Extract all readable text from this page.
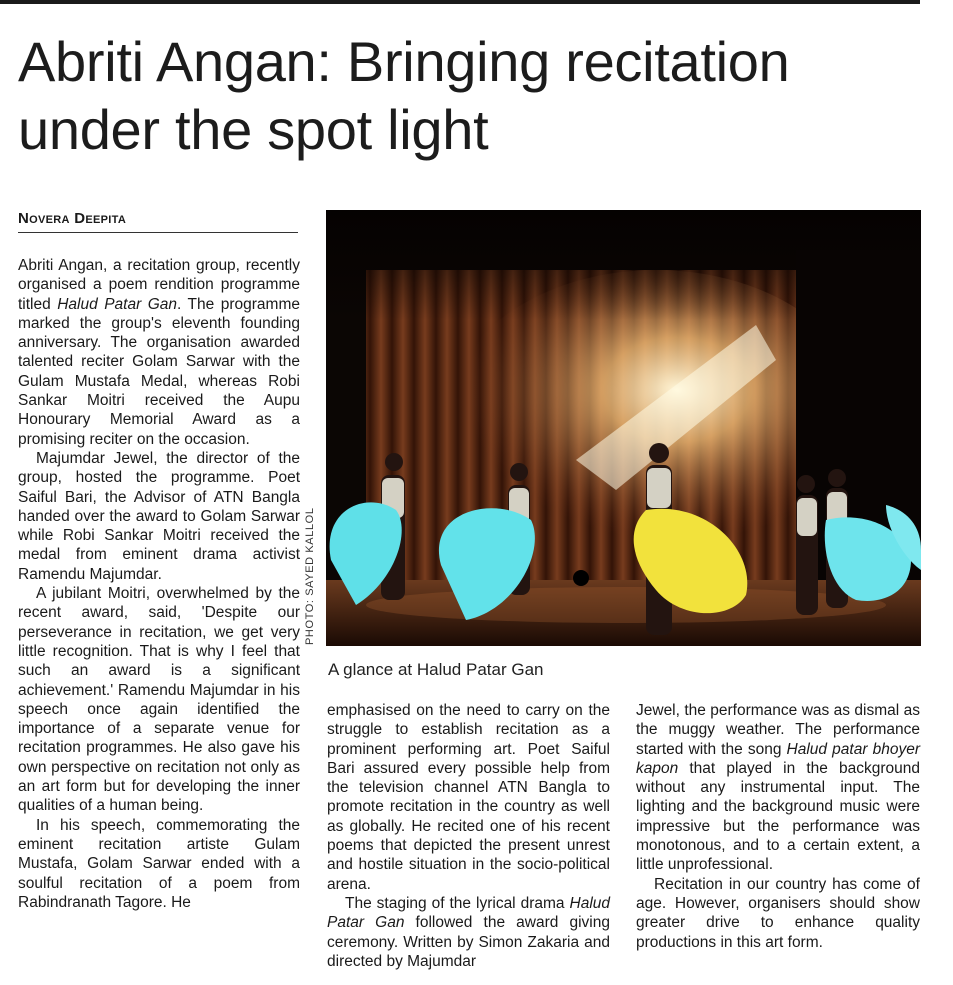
Abriti Angan: Bringing recitation under the spot light
Novera Deepita

Abriti Angan, a recitation group, recently organised a poem rendition programme titled Halud Patar Gan. The programme marked the group's eleventh founding anniversary. The organisation awarded talented reciter Golam Sarwar with the Gulam Mustafa Medal, whereas Robi Sankar Moitri received the Aupu Honourary Memorial Award as a promising reciter on the occasion.

Majumdar Jewel, the director of the group, hosted the programme. Poet Saiful Bari, the Advisor of ATN Bangla handed over the award to Golam Sarwar while Robi Sankar Moitri received the medal from eminent drama activist Ramendu Majumdar.

A jubilant Moitri, overwhelmed by the recent award, said, 'Despite our perseverance in recitation, we get very little recognition. That is why I feel that such an award is a significant achievement.' Ramendu Majumdar in his speech once again identified the importance of a separate venue for recitation programmes. He also gave his own perspective on recitation not only as an art form but for developing the inner qualities of a human being.

In his speech, commemorating the eminent recitation artiste Gulam Mustafa, Golam Sarwar ended with a soulful recitation of a poem from Rabindranath Tagore. He

PHOTO: SAYED KALLOL
A glance at Halud Patar Gan

emphasised on the need to carry on the struggle to establish recitation as a prominent performing art. Poet Saiful Bari assured every possible help from the television channel ATN Bangla to promote recitation in the country as well as globally. He recited one of his recent poems that depicted the present unrest and hostile situation in the socio-political arena.

The staging of the lyrical drama Halud Patar Gan followed the award giving ceremony. Written by Simon Zakaria and directed by Majumdar

Jewel, the performance was as dismal as the muggy weather. The performance started with the song Halud patar bhoyer kapon that played in the background without any instrumental input. The lighting and the background music were impressive but the performance was monotonous, and to a certain extent, a little unprofessional.

Recitation in our country has come of age. However, organisers should show greater drive to enhance quality productions in this art form.
